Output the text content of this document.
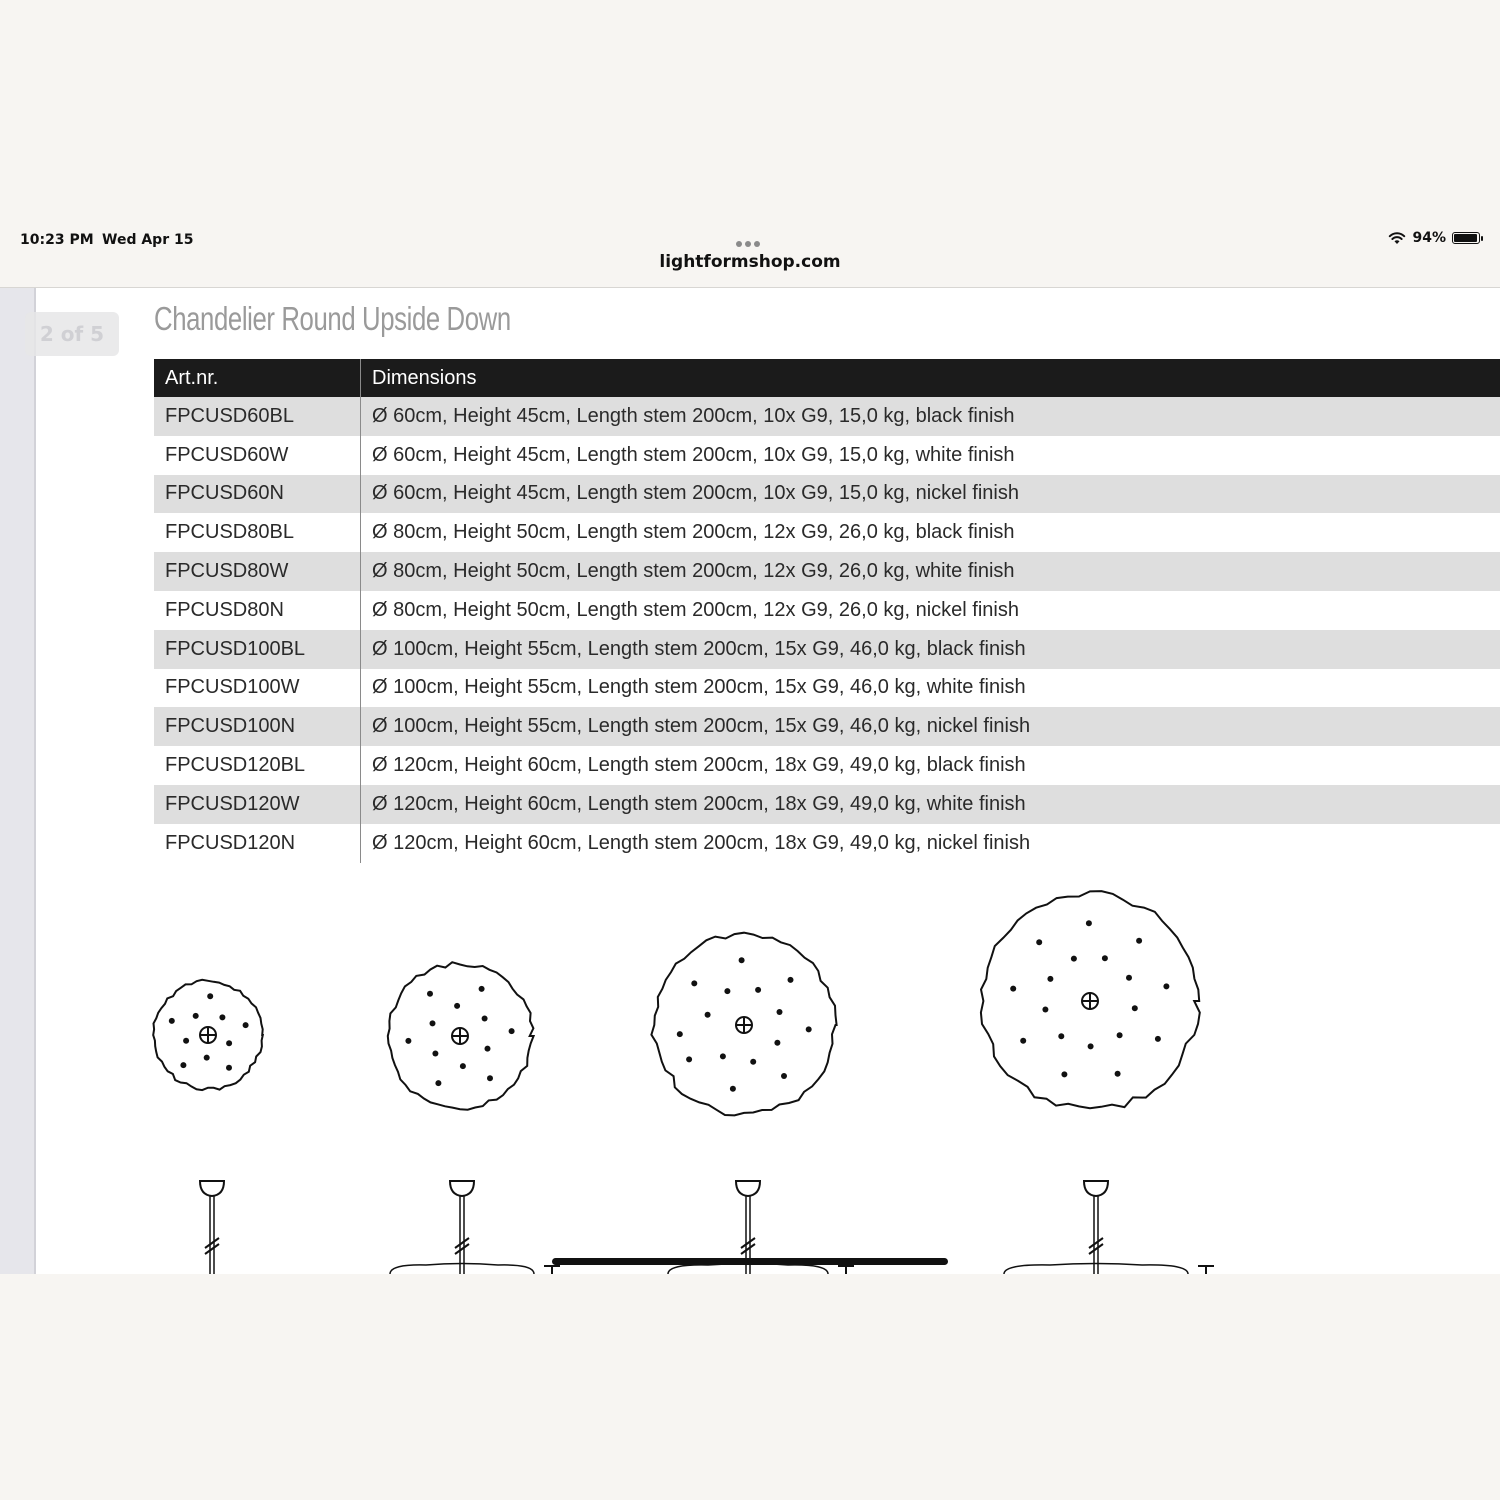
10:23 PM Wed Apr 15	94%
lightformshop.com
Chandelier Round Upside Down
Art.nr.	Dimensions
FPCUSD60BL	Ø 60cm, Height 45cm, Length stem 200cm, 10x G9, 15,0 kg, black finish
FPCUSD60W	Ø 60cm, Height 45cm, Length stem 200cm, 10x G9, 15,0 kg, white finish
FPCUSD60N	Ø 60cm, Height 45cm, Length stem 200cm, 10x G9, 15,0 kg, nickel finish
FPCUSD80BL	Ø 80cm, Height 50cm, Length stem 200cm, 12x G9, 26,0 kg, black finish
FPCUSD80W	Ø 80cm, Height 50cm, Length stem 200cm, 12x G9, 26,0 kg, white finish
FPCUSD80N	Ø 80cm, Height 50cm, Length stem 200cm, 12x G9, 26,0 kg, nickel finish
FPCUSD100BL	Ø 100cm, Height 55cm, Length stem 200cm, 15x G9, 46,0 kg, black finish
FPCUSD100W	Ø 100cm, Height 55cm, Length stem 200cm, 15x G9, 46,0 kg, white finish
FPCUSD100N	Ø 100cm, Height 55cm, Length stem 200cm, 15x G9, 46,0 kg, nickel finish
FPCUSD120BL	Ø 120cm, Height 60cm, Length stem 200cm, 18x G9, 49,0 kg, black finish
FPCUSD120W	Ø 120cm, Height 60cm, Length stem 200cm, 18x G9, 49,0 kg, white finish
FPCUSD120N	Ø 120cm, Height 60cm, Length stem 200cm, 18x G9, 49,0 kg, nickel finish
2 of 5
